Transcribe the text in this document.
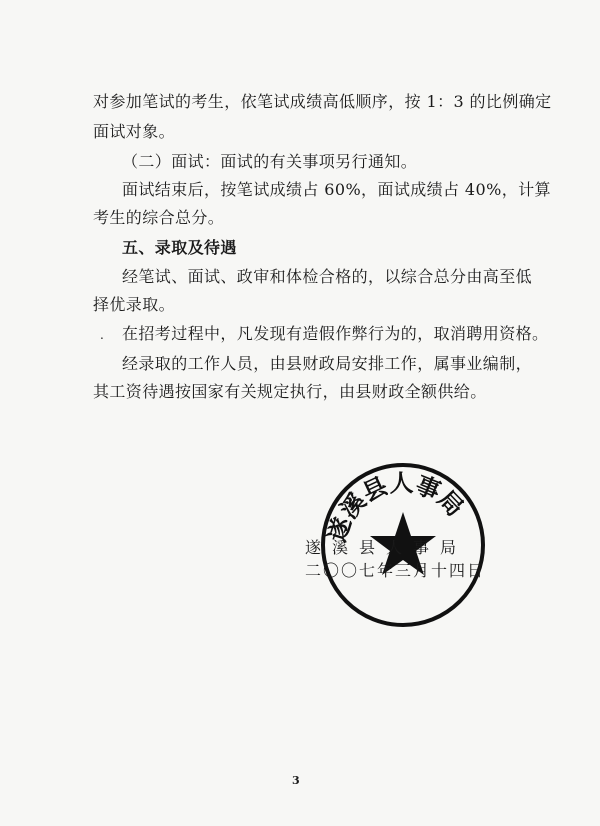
对参加笔试的考生，依笔试成绩高低顺序，按 1：3 的比例确定
面试对象。
（二）面试：面试的有关事项另行通知。
面试结束后，按笔试成绩占 60%，面试成绩占 40%，计算
考生的综合总分。
五、录取及待遇
经笔试、面试、政审和体检合格的，以综合总分由高至低
择优录取。
. 在招考过程中，凡发现有造假作弊行为的，取消聘用资格。
经录取的工作人员，由县财政局安排工作，属事业编制，
其工资待遇按国家有关规定执行，由县财政全额供给。
遂溪县人事局
遂溪县人事局
二〇〇七年三月十四日
3
